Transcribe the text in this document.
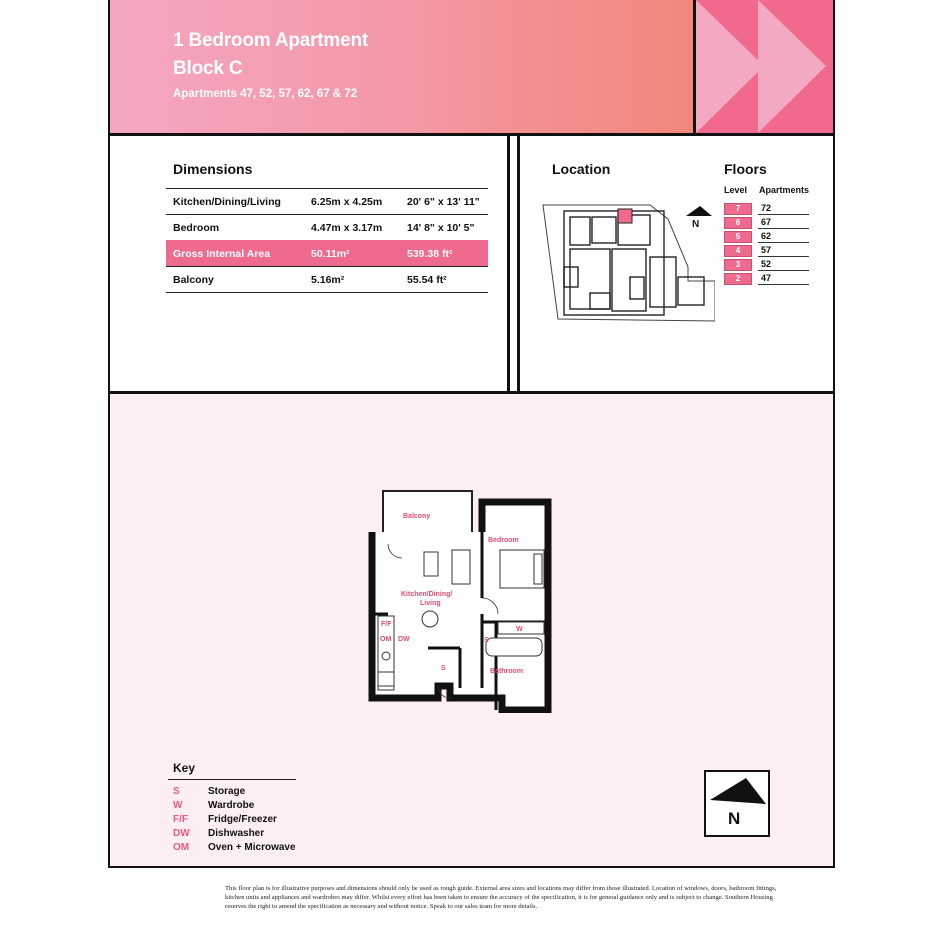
1 Bedroom Apartment
Block C
Apartments 47, 52, 57, 62, 67 & 72
Dimensions
Kitchen/Dining/Living	6.25m x 4.25m 20' 6" x 13' 11"
Bedroom	4.47m x 3.17m 14' 8" x 10' 5"
Gross Internal Area	50.11m²	539.38 ft²
Balcony	5.16m²	55.54 ft²
Location
N
Floors
Level Apartments
7	72
6	67
5	62
4	57
3	52
2	47
Balcony
Bedroom
Kitchen/Dining/
Living
Bathroom
F/F
OM DW
W
S
S
Key
S	Storage
W	Wardrobe
F/F Fridge/Freezer
DW Dishwasher
OM Oven + Microwave
N
This floor plan is for illustrative purposes and dimensions should only be used as rough guide. External area sizes and locations may differ from those illustrated. Location of windows, doors, bathroom fittings, kitchen units and appliances and wardrobes may differ. Whilst every effort has been taken to ensure the accuracy of the specification, it is for general guidance only and is subject to change. Southern Housing reserves the right to amend the specification as necessary and without notice. Speak to our sales team for more details.
